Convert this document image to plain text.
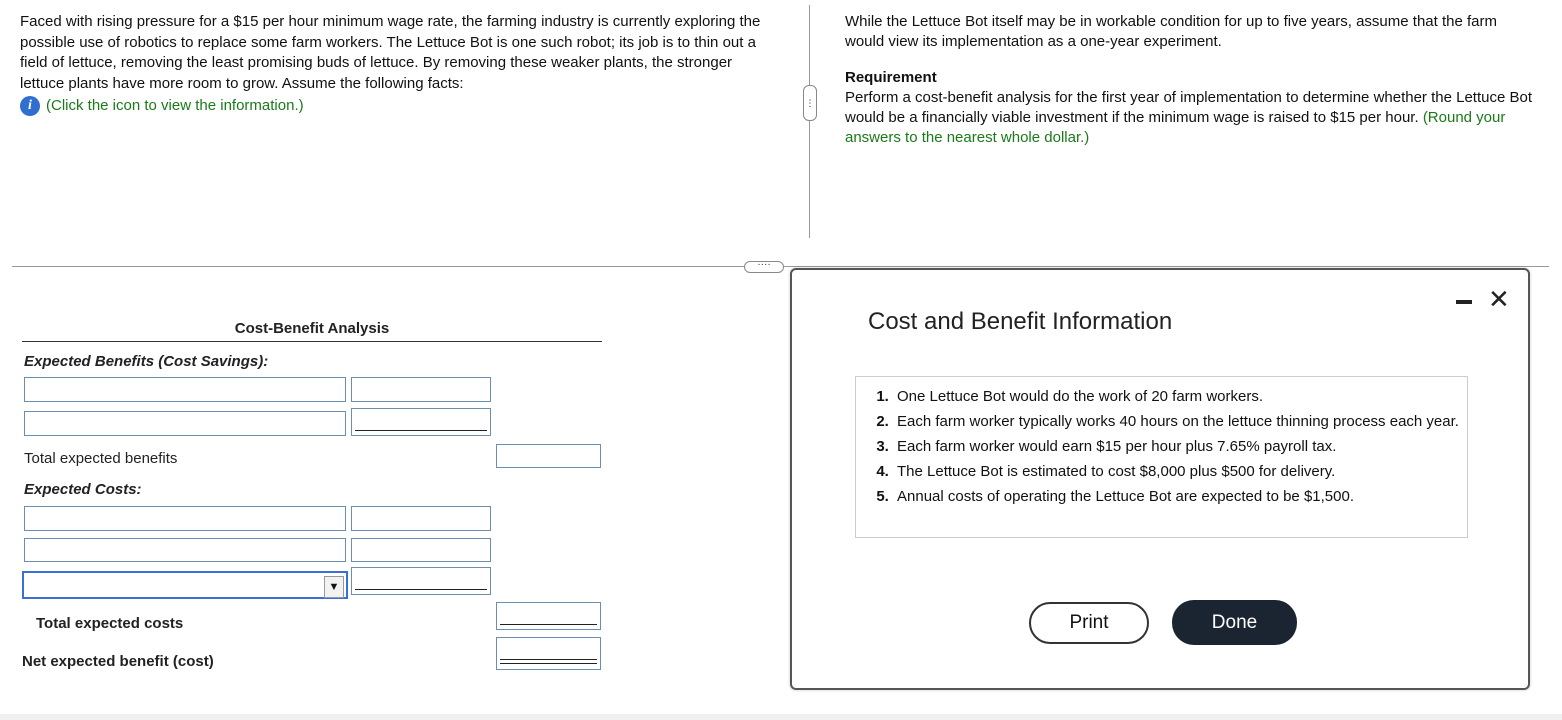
Faced with rising pressure for a $15 per hour minimum wage rate, the farming industry is currently exploring the possible use of robotics to replace some farm workers. The Lettuce Bot is one such robot; its job is to thin out a field of lettuce, removing the least promising buds of lettuce. By removing these weaker plants, the stronger lettuce plants have more room to grow. Assume the following facts:
i (Click the icon to view the information.)	⋮
While the Lettuce Bot itself may be in workable condition for up to five years, assume that the farm would view its implementation as a one-year experiment.
Requirement
Perform a cost-benefit analysis for the first year of implementation to determine whether the Lettuce Bot would be a financially viable investment if the minimum wage is raised to $15 per hour. (Round your answers to the nearest whole dollar.)
····
Cost-Benefit Analysis
Expected Benefits (Cost Savings):
Total expected benefits
Expected Costs:
▼
Total expected costs
Net expected benefit (cost)
Cost and Benefit Information
✕
1. One Lettuce Bot would do the work of 20 farm workers.
2. Each farm worker typically works 40 hours on the lettuce thinning process each year.
3. Each farm worker would earn $15 per hour plus 7.65% payroll tax.
4. The Lettuce Bot is estimated to cost $8,000 plus $500 for delivery.
5. Annual costs of operating the Lettuce Bot are expected to be $1,500.
Print	Done
